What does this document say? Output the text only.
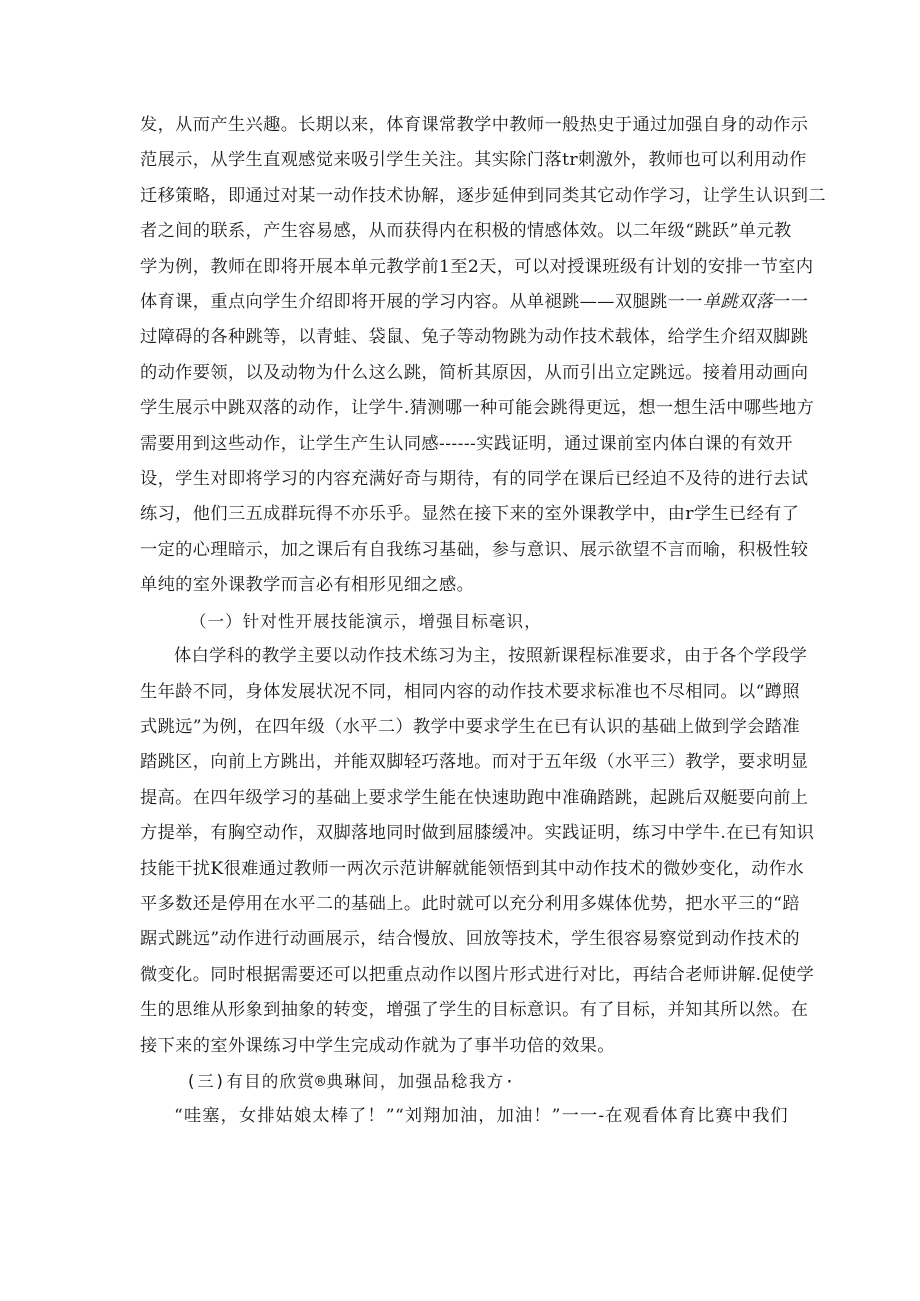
发，从而产生兴趣。长期以来，体育课常教学中教师一般热史于通过加强自身的动作示
范展示，从学生直观感觉来吸引学生关注。其实除门落tr刺激外，教师也可以利用动作
迁移策略，即通过对某一动作技术协解，逐步延伸到同类其它动作学习，让学生认识到二
者之间的联系，产生容易感，从而获得内在积极的情感体效。以二年级“跳跃”单元教
学为例，教师在即将开展本单元教学前1至2天，可以对授课班级有计划的安排一节室内
体育课，重点向学生介绍即将开展的学习内容。从单褪跳——双腿跳一一单跳双落一一
过障碍的各种跳等，以青蛙、袋鼠、兔子等动物跳为动作技术载体，给学生介绍双脚跳
的动作要领，以及动物为什么这么跳，简析其原因，从而引出立定跳远。接着用动画向
学生展示中跳双落的动作，让学牛.猜测哪一种可能会跳得更远，想一想生活中哪些地方
需要用到这些动作，让学生产生认同感------实践证明，通过课前室内体白课的有效开
设，学生对即将学习的内容充满好奇与期待，有的同学在课后已经迫不及待的进行去试
练习，他们三五成群玩得不亦乐乎。显然在接下来的室外课教学中，由r学生已经有了
一定的心理暗示，加之课后有自我练习基础，参与意识、展示欲望不言而喻，积极性较
单纯的室外课教学而言必有相形见细之感。
（一）针对性开展技能演示，增强目标毫识，
体白学科的教学主要以动作技术练习为主，按照新课程标准要求，由于各个学段学
生年龄不同，身体发展状况不同，相同内容的动作技术要求标准也不尽相同。以“蹲照
式跳远”为例，在四年级（水平二）教学中要求学生在已有认识的基础上做到学会踏准
踏跳区，向前上方跳出，并能双脚轻巧落地。而对于五年级（水平三）教学，要求明显
提高。在四年级学习的基础上要求学生能在快速助跑中准确踏跳，起跳后双艇要向前上
方提举，有胸空动作，双脚落地同时做到屈膝缓冲。实践证明，练习中学牛.在已有知识
技能干扰K很难通过教师一两次示范讲解就能领悟到其中动作技术的微妙变化，动作水
平多数还是停用在水平二的基础上。此时就可以充分利用多媒体优势，把水平三的“踣
踞式跳远”动作进行动画展示，结合慢放、回放等技术，学生很容易察觉到动作技术的
微变化。同时根据需要还可以把重点动作以图片形式进行对比，再结合老师讲解.促使学
生的思维从形象到抽象的转变，增强了学生的目标意识。有了目标，并知其所以然。在
接下来的室外课练习中学生完成动作就为了事半功倍的效果。
(三)有目的欣赏®典琳间，加强品稔我方·
“哇塞，女排姑娘太棒了！”“刘翔加油，加油！”一一-在观看体育比赛中我们
